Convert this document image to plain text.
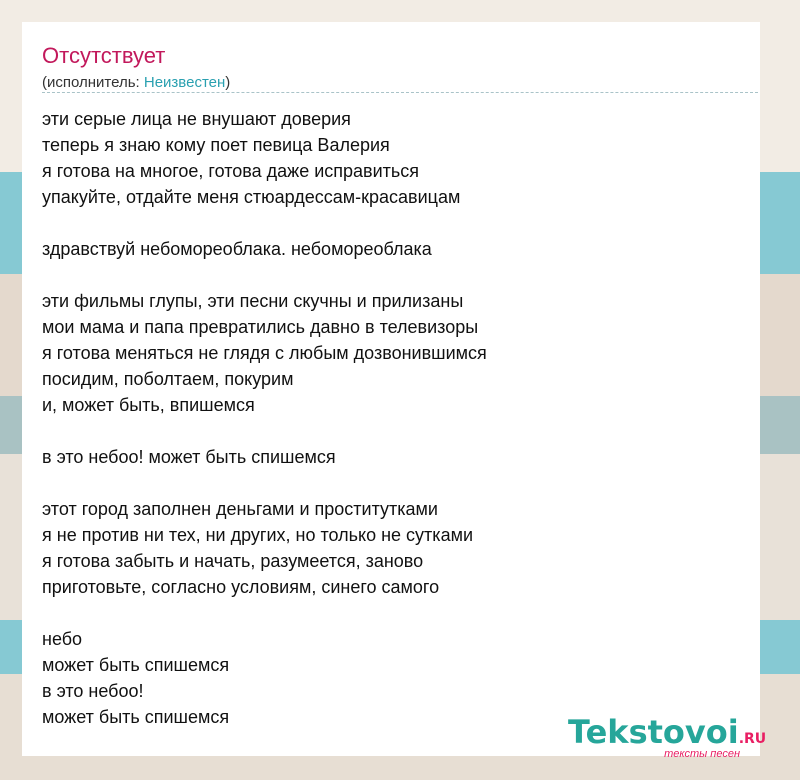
Отсутствует
(исполнитель: Неизвестен)
эти серые лица не внушают доверия
теперь я знаю кому поет певица Валерия
я готова на многое, готова даже исправиться
упакуйте, отдайте меня стюардессам-красавицам
здравствуй небомореоблака. небомореоблака
эти фильмы глупы, эти песни скучны и прилизаны
мои мама и папа превратились давно в телевизоры
я готова меняться не глядя с любым дозвонившимся
посидим, поболтаем, покурим
и, может быть, впишемся
в это небоо! может быть спишемся
этот город заполнен деньгами и проститутками
я не против ни тех, ни других, но только не сутками
я готова забыть и начать, разумеется, заново
приготовьте, согласно условиям, синего самого
небо
может быть спишемся
в это небоо!
может быть спишемся	Tekstovoi.RU
тексты песен
